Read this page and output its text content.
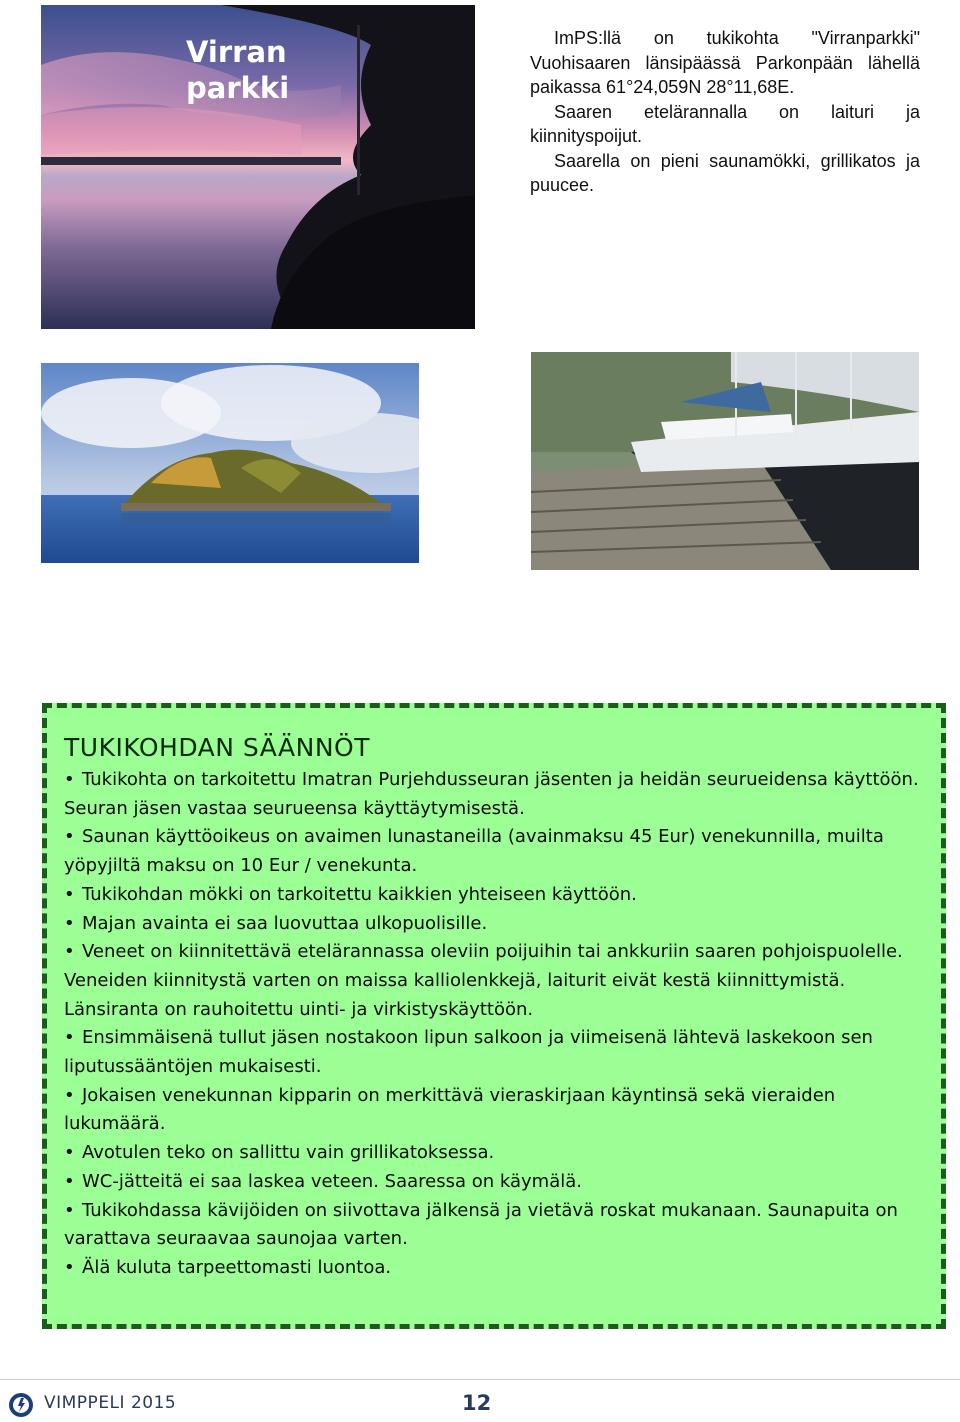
Virran parkki

ImPS:llä on tukikohta "Virranparkki" Vuohisaaren länsipäässä Parkonpään lähellä paikassa 61°24,059N 28°11,68E.

Saaren etelärannalla on laituri ja kiinnityspoijut.

Saarella on pieni saunamökki, grillikatos ja puucee.

TUKIKOHDAN SÄÄNNÖT
• Tukikohta on tarkoitettu Imatran Purjehdusseuran jäsenten ja heidän seurueidensa käyttöön. Seuran jäsen vastaa seurueensa käyttäytymisestä.
• Saunan käyttöoikeus on avaimen lunastaneilla (avainmaksu 45 Eur) venekunnilla, muilta yöpyjiltä maksu on 10 Eur / venekunta.
• Tukikohdan mökki on tarkoitettu kaikkien yhteiseen käyttöön.
• Majan avainta ei saa luovuttaa ulkopuolisille.
• Veneet on kiinnitettävä etelärannassa oleviin poijuihin tai ankkuriin saaren pohjoispuolelle. Veneiden kiinnitystä varten on maissa kalliolenkkejä, laiturit eivät kestä kiinnittymistä. Länsiranta on rauhoitettu uinti- ja virkistyskäyttöön.
• Ensimmäisenä tullut jäsen nostakoon lipun salkoon ja viimeisenä lähtevä laskekoon sen liputussääntöjen mukaisesti.
• Jokaisen venekunnan kipparin on merkittävä vieraskirjaan käyntinsä sekä vieraiden lukumäärä.
• Avotulen teko on sallittu vain grillikatoksessa.
• WC-jätteitä ei saa laskea veteen. Saaressa on käymälä.
• Tukikohdassa kävijöiden on siivottava jälkensä ja vietävä roskat mukanaan. Saunapuita on varattava seuraavaa saunojaa varten.
• Älä kuluta tarpeettomasti luontoa.
VIMPPELI 2015	12
